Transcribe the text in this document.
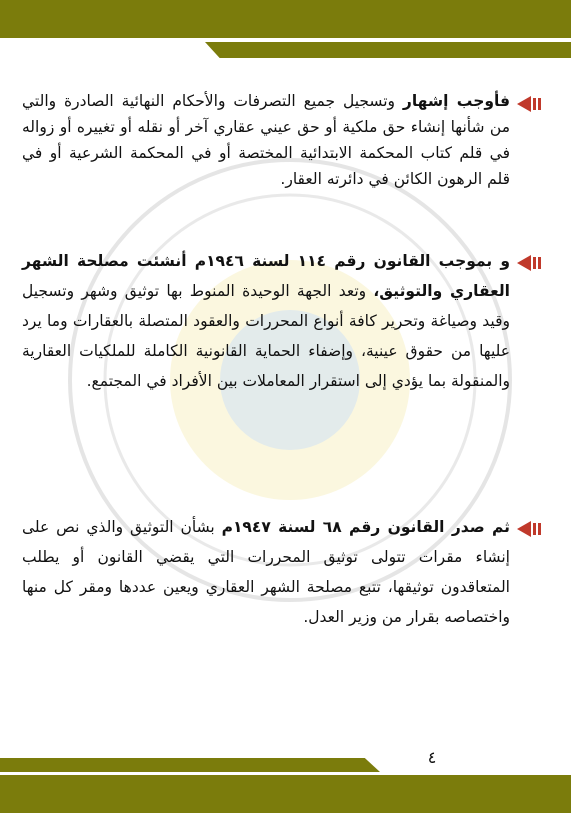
فأوجب إشهار وتسجيل جميع التصرفات والأحكام النهائية الصادرة والتي من شأنها إنشاء حق ملكية أو حق عيني عقاري آخر أو نقله أو تغييره أو زواله في قلم كتاب المحكمة الابتدائية المختصة أو في المحكمة الشرعية أو في قلم الرهون الكائن في دائرته العقار.

و بموجب القانون رقم ١١٤ لسنة ١٩٤٦م أنشئت مصلحة الشهر العقاري والتوثيق، وتعد الجهة الوحيدة المنوط بها توثيق وشهر وتسجيل وقيد وصياغة وتحرير كافة أنواع المحررات والعقود المتصلة بالعقارات وما يرد عليها من حقوق عينية، وإضفاء الحماية القانونية الكاملة للملكيات العقارية والمنقولة بما يؤدي إلى استقرار المعاملات بين الأفراد في المجتمع.

ثم صدر القانون رقم ٦٨ لسنة ١٩٤٧م بشأن التوثيق والذي نص على إنشاء مقرات تتولى توثيق المحررات التي يقضي القانون أو يطلب المتعاقدون توثيقها، تتبع مصلحة الشهر العقاري ويعين عددها ومقر كل منها واختصاصه بقرار من وزير العدل.

٤
